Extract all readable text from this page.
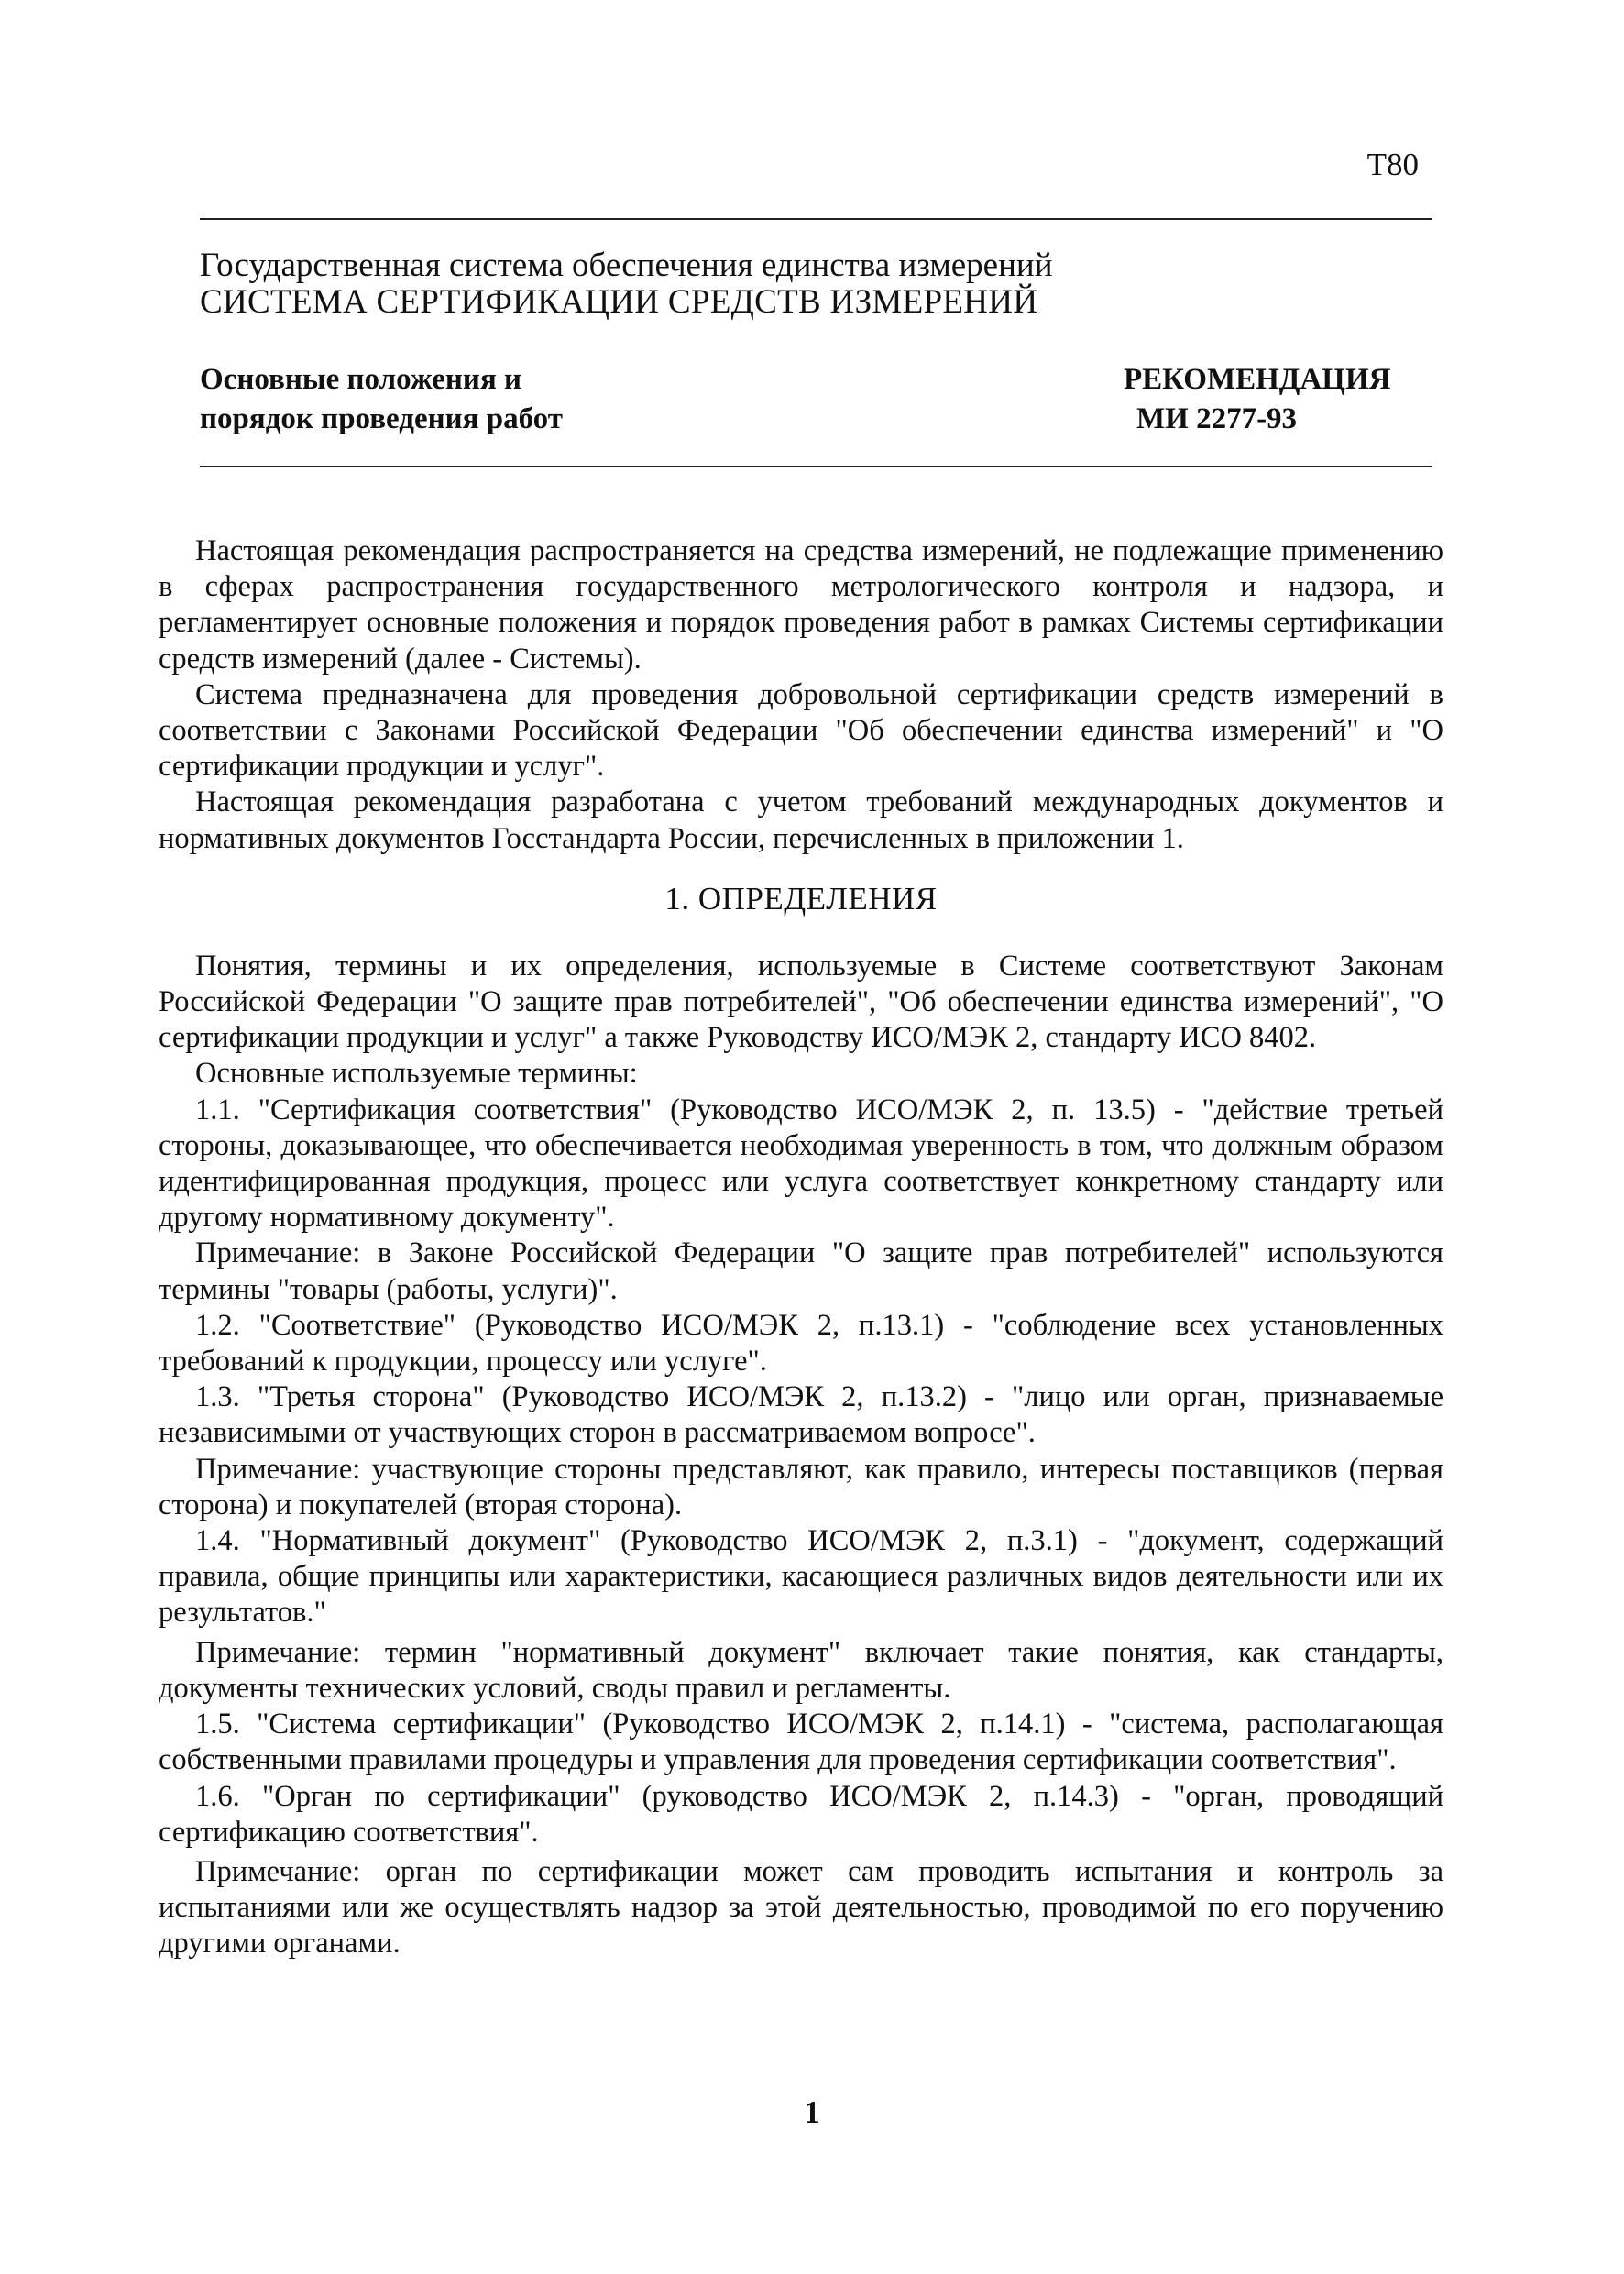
T80
Государственная система обеспечения единства измерений
СИСТЕМА СЕРТИФИКАЦИИ СРЕДСТВ ИЗМЕРЕНИЙ
Основные положения и
порядок проведения работ
РЕКОМЕНДАЦИЯ
МИ 2277-93

Настоящая рекомендация распространяется на средства измерений, не подлежащие применению в сферах распространения государственного метрологического контроля и надзора, и регламентирует основные положения и порядок проведения работ в рамках Системы сертификации средств измерений (далее - Системы).

Система предназначена для проведения добровольной сертификации средств измерений в соответствии с Законами Российской Федерации "Об обеспечении единства измерений" и "О сертификации продукции и услуг".

Настоящая рекомендация разработана с учетом требований международных документов и нормативных документов Госстандарта России, перечисленных в приложении 1.

1. ОПРЕДЕЛЕНИЯ

Понятия, термины и их определения, используемые в Системе соответствуют Законам Российской Федерации "О защите прав потребителей", "Об обеспечении единства измерений", "О сертификации продукции и услуг" а также Руководству ИСО/МЭК 2, стандарту ИСО 8402.

Основные используемые термины:

1.1. "Сертификация соответствия" (Руководство ИСО/МЭК 2, п. 13.5) - "действие третьей стороны, доказывающее, что обеспечивается необходимая уверенность в том, что должным образом идентифицированная продукция, процесс или услуга соответствует конкретному стандарту или другому нормативному документу".

Примечание: в Законе Российской Федерации "О защите прав потребителей" используются термины "товары (работы, услуги)".

1.2. "Соответствие" (Руководство ИСО/МЭК 2, п.13.1) - "соблюдение всех установленных требований к продукции, процессу или услуге".

1.3. "Третья сторона" (Руководство ИСО/МЭК 2, п.13.2) - "лицо или орган, признаваемые независимыми от участвующих сторон в рассматриваемом вопросе".

Примечание: участвующие стороны представляют, как правило, интересы поставщиков (первая сторона) и покупателей (вторая сторона).

1.4. "Нормативный документ" (Руководство ИСО/МЭК 2, п.3.1) - "документ, содержащий правила, общие принципы или характеристики, касающиеся различных видов деятельности или их результатов."

Примечание: термин "нормативный документ" включает такие понятия, как стандарты, документы технических условий, своды правил и регламенты.

1.5. "Система сертификации" (Руководство ИСО/МЭК 2, п.14.1) - "система, располагающая собственными правилами процедуры и управления для проведения сертификации соответствия".

1.6. "Орган по сертификации" (руководство ИСО/МЭК 2, п.14.3) - "орган, проводящий сертификацию соответствия".

Примечание: орган по сертификации может сам проводить испытания и контроль за испытаниями или же осуществлять надзор за этой деятельностью, проводимой по его поручению другими органами.

1
